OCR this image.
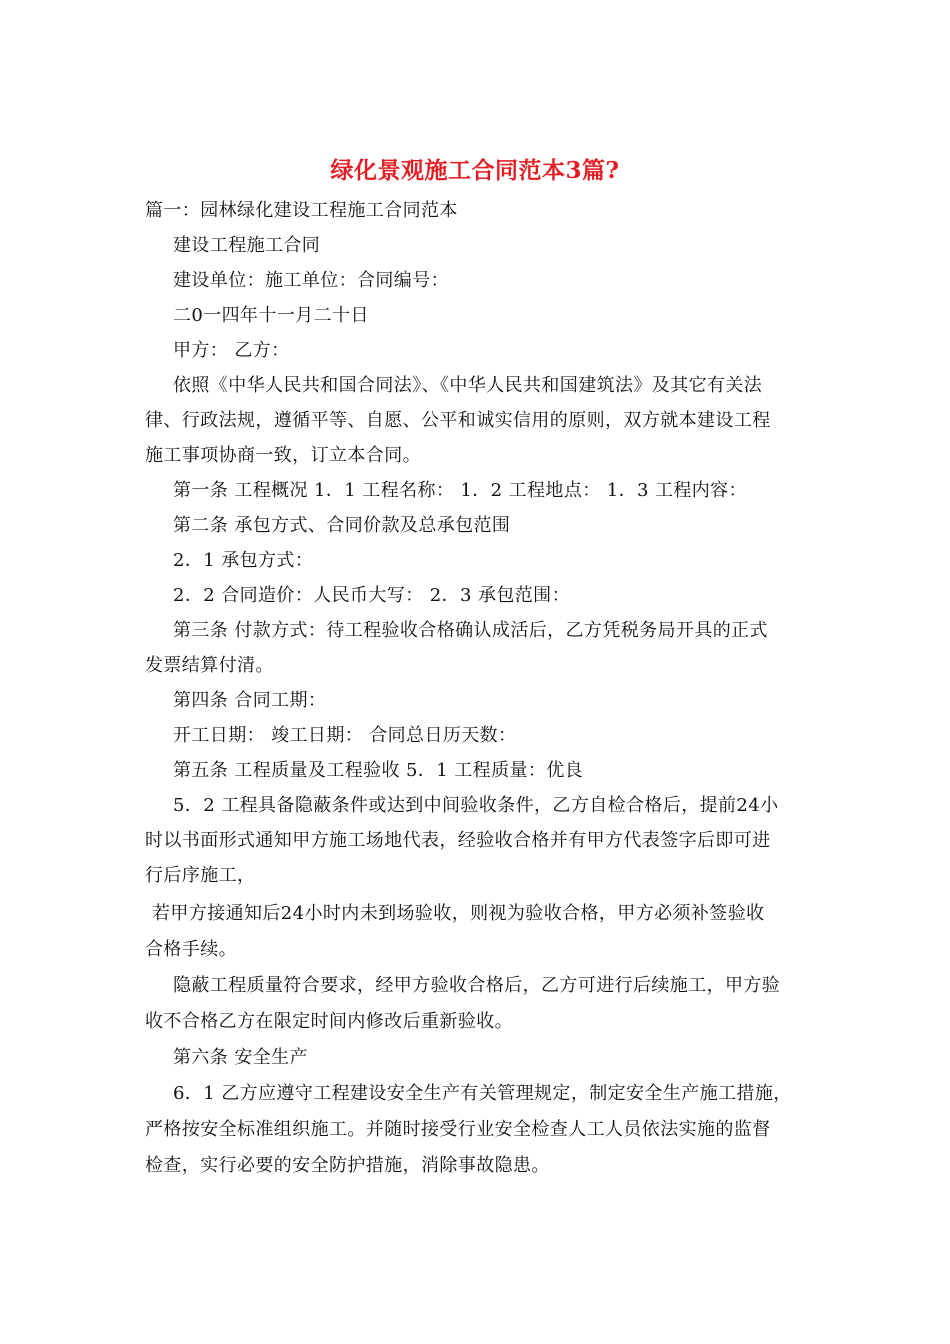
绿化景观施工合同范本3篇?
篇一：园林绿化建设工程施工合同范本
建设工程施工合同
建设单位：施工单位：合同编号：
二0一四年十一月二十日
甲方： 乙方：
依照《中华人民共和国合同法》、《中华人民共和国建筑法》及其它有关法
律、行政法规，遵循平等、自愿、公平和诚实信用的原则，双方就本建设工程
施工事项协商一致，订立本合同。
第一条 工程概况 1．1 工程名称： 1．2 工程地点： 1．3 工程内容：
第二条 承包方式、合同价款及总承包范围
2．1 承包方式：
2．2 合同造价：人民币大写： 2．3 承包范围：
第三条 付款方式：待工程验收合格确认成活后，乙方凭税务局开具的正式
发票结算付清。
第四条 合同工期：
开工日期： 竣工日期： 合同总日历天数：
第五条 工程质量及工程验收 5．1 工程质量：优良
5．2 工程具备隐蔽条件或达到中间验收条件，乙方自检合格后，提前24小
时以书面形式通知甲方施工场地代表，经验收合格并有甲方代表签字后即可进
行后序施工，
若甲方接通知后24小时内未到场验收，则视为验收合格，甲方必须补签验收
合格手续。
隐蔽工程质量符合要求，经甲方验收合格后，乙方可进行后续施工，甲方验
收不合格乙方在限定时间内修改后重新验收。
第六条 安全生产
6．1 乙方应遵守工程建设安全生产有关管理规定，制定安全生产施工措施，
严格按安全标准组织施工。并随时接受行业安全检查人工人员依法实施的监督
检查，实行必要的安全防护措施，消除事故隐患。
